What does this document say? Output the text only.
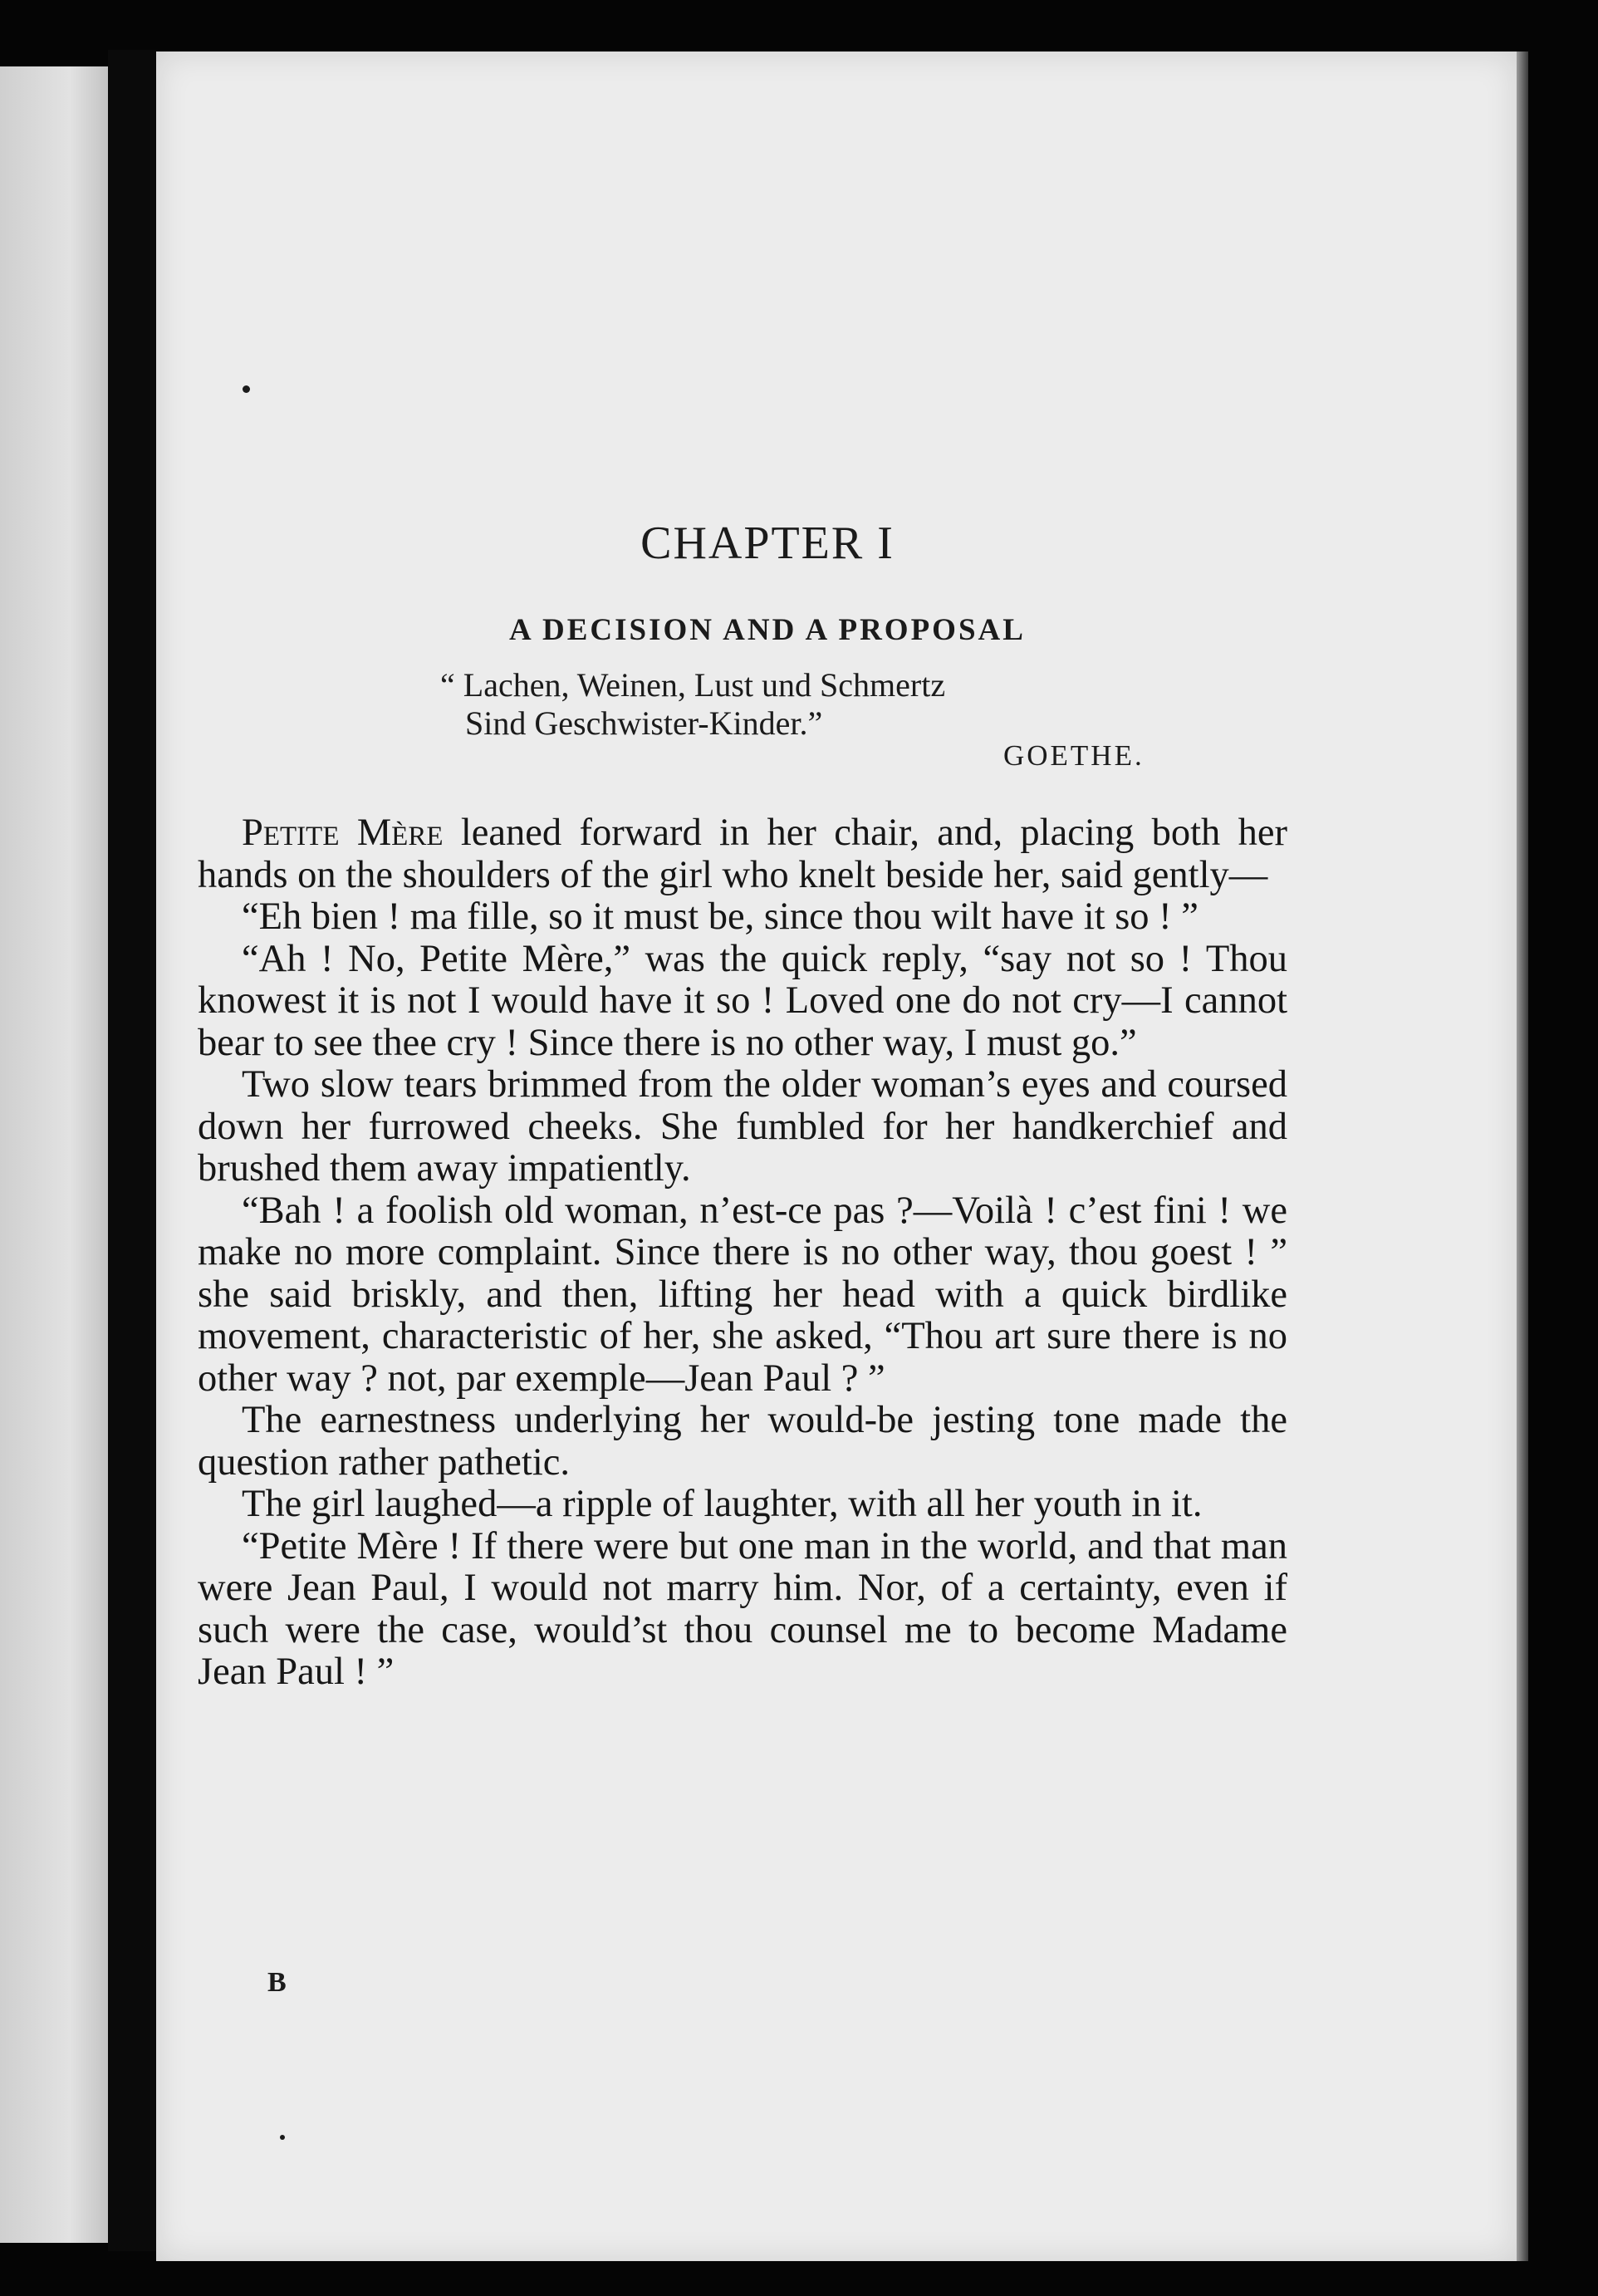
CHAPTER I
A DECISION AND A PROPOSAL
“ Lachen, Weinen, Lust und Schmertz
Sind Geschwister-Kinder.”
GOETHE.

Petite Mère leaned forward in her chair, and, placing both her hands on the shoulders of the girl who knelt beside her, said gently—

“Eh bien ! ma fille, so it must be, since thou wilt have it so ! ”

“Ah ! No, Petite Mère,” was the quick reply, “say not so ! Thou knowest it is not I would have it so ! Loved one do not cry—I cannot bear to see thee cry ! Since there is no other way, I must go.”

Two slow tears brimmed from the older woman’s eyes and coursed down her furrowed cheeks. She fumbled for her handkerchief and brushed them away impatiently.

“Bah ! a foolish old woman, n’est-ce pas ?—Voilà ! c’est fini ! we make no more complaint. Since there is no other way, thou goest ! ” she said briskly, and then, lifting her head with a quick birdlike movement, characteristic of her, she asked, “Thou art sure there is no other way ? not, par exemple—Jean Paul ? ”

The earnestness underlying her would-be jesting tone made the question rather pathetic.

The girl laughed—a ripple of laughter, with all her youth in it.

“Petite Mère ! If there were but one man in the world, and that man were Jean Paul, I would not marry him. Nor, of a certainty, even if such were the case, would’st thou counsel me to become Madame Jean Paul ! ”

B
